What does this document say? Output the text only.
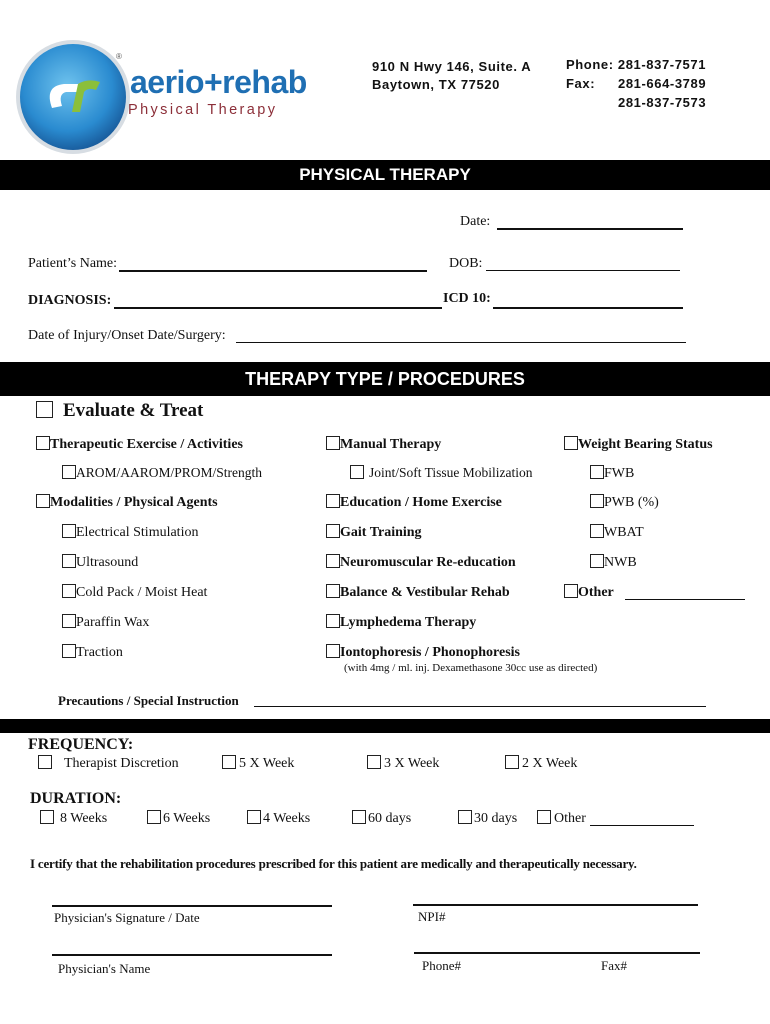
aerio+rehab
®
Physical Therapy
910 N Hwy 146, Suite. A
Baytown, TX 77520
Phone: 281-837-7571
Fax: 281-664-3789
281-837-7573
PHYSICAL THERAPY
Date:
Patient’s Name:	DOB:
DIAGNOSIS:	ICD 10:
Date of Injury/Onset Date/Surgery:
THERAPY TYPE / PROCEDURES
Evaluate & Treat
Therapeutic Exercise / Activities
AROM/AAROM/PROM/Strength
Modalities / Physical Agents
Electrical Stimulation
Ultrasound
Cold Pack / Moist Heat
Paraffin Wax
Traction
Manual Therapy
Joint/Soft Tissue Mobilization
Education / Home Exercise
Gait Training
Neuromuscular Re-education
Balance & Vestibular Rehab
Lymphedema Therapy
Iontophoresis / Phonophoresis
(with 4mg / ml. inj. Dexamethasone 30cc use as directed)
Weight Bearing Status
FWB
PWB (%)
WBAT
NWB
Other
Precautions / Special Instruction
FREQUENCY:
Therapist Discretion	5 X Week	3 X Week	2 X Week
DURATION:
8 Weeks	6 Weeks	4 Weeks	60 days	30 days	Other
I certify that the rehabilitation procedures prescribed for this patient are medically and therapeutically necessary.
Physician's Signature / Date	NPI#
Physician's Name	Phone#	Fax#
